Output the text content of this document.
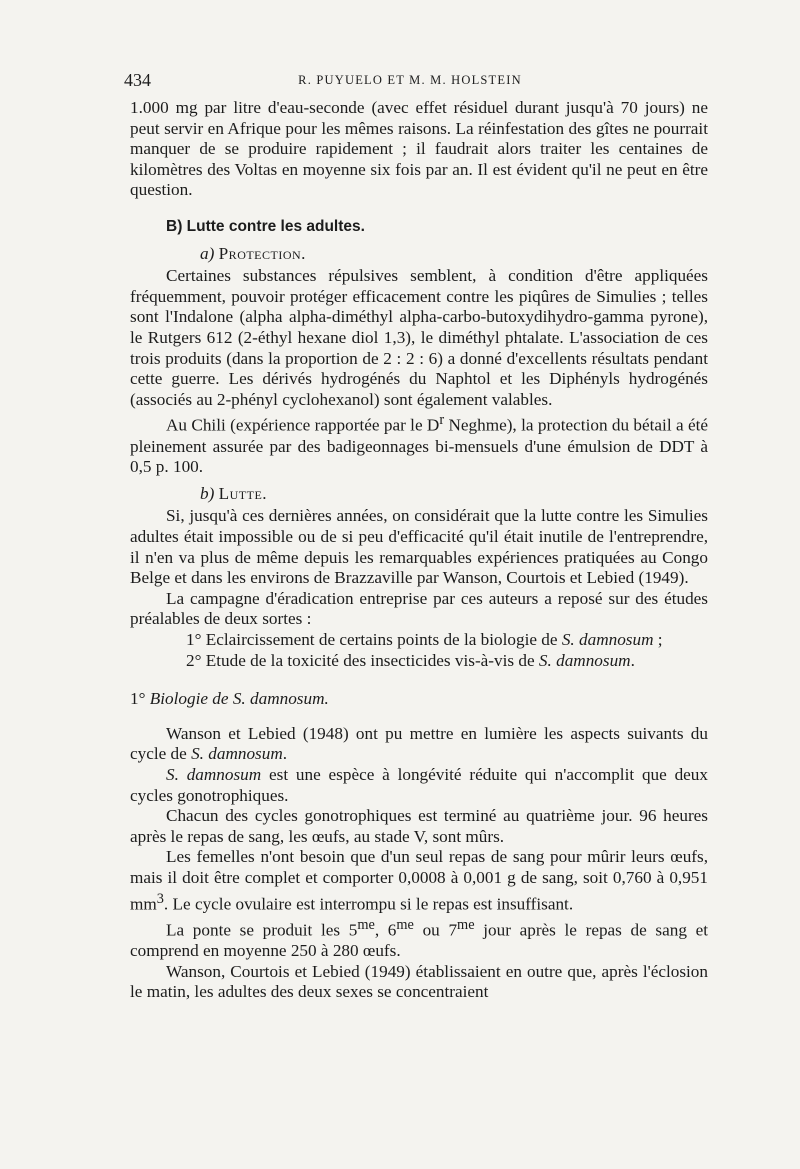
434	R. PUYUELO ET M. M. HOLSTEIN

1.000 mg par litre d'eau-seconde (avec effet résiduel durant jusqu'à 70 jours) ne peut servir en Afrique pour les mêmes raisons. La réinfestation des gîtes ne pourrait manquer de se produire rapidement ; il faudrait alors traiter les centaines de kilomètres des Voltas en moyenne six fois par an. Il est évident qu'il ne peut en être question.

B) Lutte contre les adultes.
a) Protection.

Certaines substances répulsives semblent, à condition d'être appliquées fréquemment, pouvoir protéger efficacement contre les piqûres de Simulies ; telles sont l'Indalone (alpha alpha-diméthyl alpha-carbo-butoxydihydro-gamma pyrone), le Rutgers 612 (2-éthyl hexane diol 1,3), le diméthyl phtalate. L'association de ces trois produits (dans la proportion de 2 : 2 : 6) a donné d'excellents résultats pendant cette guerre. Les dérivés hydrogénés du Naphtol et les Diphényls hydrogénés (associés au 2-phényl cyclohexanol) sont également valables.

Au Chili (expérience rapportée par le $D^r$ Neghme), la protection du bétail a été pleinement assurée par des badigeonnages bi-mensuels d'une émulsion de DDT à 0,5 p. 100.

b) Lutte.

Si, jusqu'à ces dernières années, on considérait que la lutte contre les Simulies adultes était impossible ou de si peu d'efficacité qu'il était inutile de l'entreprendre, il n'en va plus de même depuis les remarquables expériences pratiquées au Congo Belge et dans les environs de Brazzaville par Wanson, Courtois et Lebied (1949).

La campagne d'éradication entreprise par ces auteurs a reposé sur des études préalables de deux sortes :

1° Eclaircissement de certains points de la biologie de S. damnosum ;

2° Etude de la toxicité des insecticides vis-à-vis de S. damnosum.

1° Biologie de S. damnosum.

Wanson et Lebied (1948) ont pu mettre en lumière les aspects suivants du cycle de S. damnosum.

S. damnosum est une espèce à longévité réduite qui n'accomplit que deux cycles gonotrophiques.

Chacun des cycles gonotrophiques est terminé au quatrième jour. 96 heures après le repas de sang, les œufs, au stade V, sont mûrs.

Les femelles n'ont besoin que d'un seul repas de sang pour mûrir leurs œufs, mais il doit être complet et comporter 0,0008 à 0,001 g de sang, soit 0,760 à 0,951 $mm^3$. Le cycle ovulaire est interrompu si le repas est insuffisant.

La ponte se produit les $5^{me}$, $6^{me}$ ou $7^{me}$ jour après le repas de sang et comprend en moyenne 250 à 280 œufs.

Wanson, Courtois et Lebied (1949) établissaient en outre que, après l'éclosion le matin, les adultes des deux sexes se concentraient
